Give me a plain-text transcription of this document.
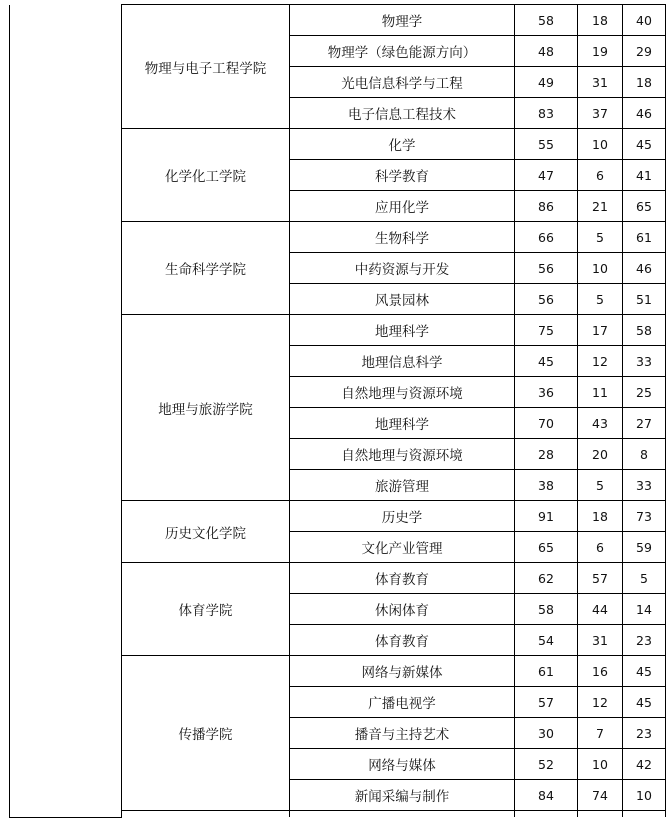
	物理与电子工程学院	物理学	58	18	40
		物理学（绿色能源方向）	48	19	29
		光电信息科学与工程	49	31	18
		电子信息工程技术	83	37	46
	化学化工学院	化学	55	10	45
		科学教育	47	6	41
		应用化学	86	21	65
	生命科学学院	生物科学	66	5	61
		中药资源与开发	56	10	46
		风景园林	56	5	51
	地理与旅游学院	地理科学	75	17	58
		地理信息科学	45	12	33
		自然地理与资源环境	36	11	25
		地理科学	70	43	27
		自然地理与资源环境	28	20	8
		旅游管理	38	5	33
	历史文化学院	历史学	91	18	73
		文化产业管理	65	6	59
	体育学院	体育教育	62	57	5
		休闲体育	58	44	14
		体育教育	54	31	23
	传播学院	网络与新媒体	61	16	45
		广播电视学	57	12	45
		播音与主持艺术	30	7	23
		网络与媒体	52	10	42
		新闻采编与制作	84	74	10
